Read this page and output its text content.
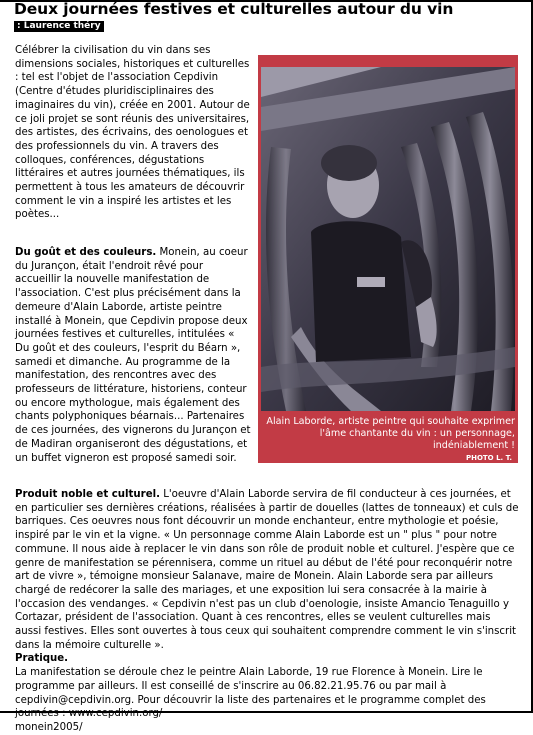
Deux journées festives et culturelles autour du vin
: Laurence théry
Célébrer la civilisation du vin dans ses dimensions sociales, historiques et culturelles : tel est l'objet de l'association Cepdivin (Centre d'études pluridisciplinaires des imaginaires du vin), créée en 2001. Autour de ce joli projet se sont réunis des universitaires, des artistes, des écrivains, des oenologues et des professionnels du vin. A travers des colloques, conférences, dégustations littéraires et autres journées thématiques, ils permettent à tous les amateurs de découvrir comment le vin a inspiré les artistes et les poètes...
Du goût et des couleurs. Monein, au coeur du Jurançon, était l'endroit rêvé pour accueillir la nouvelle manifestation de l'association. C'est plus précisément dans la demeure d'Alain Laborde, artiste peintre installé à Monein, que Cepdivin propose deux journées festives et culturelles, intitulées « Du goût et des couleurs, l'esprit du Béarn », samedi et dimanche. Au programme de la manifestation, des rencontres avec des professeurs de littérature, historiens, conteur ou encore mythologue, mais également des chants polyphoniques béarnais... Partenaires de ces journées, des vignerons du Jurançon et de Madiran organiseront des dégustations, et un buffet vigneron est proposé samedi soir.
Alain Laborde, artiste peintre qui souhaite exprimer l'âme chantante du vin : un personnage, indéniablement !
PHOTO L. T.
Produit noble et culturel. L'oeuvre d'Alain Laborde servira de fil conducteur à ces journées, et en particulier ses dernières créations, réalisées à partir de douelles (lattes de tonneaux) et culs de barriques. Ces oeuvres nous font découvrir un monde enchanteur, entre mythologie et poésie, inspiré par le vin et la vigne. « Un personnage comme Alain Laborde est un " plus " pour notre commune. Il nous aide à replacer le vin dans son rôle de produit noble et culturel. J'espère que ce genre de manifestation se pérennisera, comme un rituel au début de l'été pour reconquérir notre art de vivre », témoigne monsieur Salanave, maire de Monein. Alain Laborde sera par ailleurs chargé de redécorer la salle des mariages, et une exposition lui sera consacrée à la mairie à l'occasion des vendanges. « Cepdivin n'est pas un club d'oenologie, insiste Amancio Tenaguillo y Cortazar, président de l'association. Quant à ces rencontres, elles se veulent culturelles mais aussi festives. Elles sont ouvertes à tous ceux qui souhaitent comprendre comment le vin s'inscrit dans la mémoire culturelle ».
Pratique.
La manifestation se déroule chez le peintre Alain Laborde, 19 rue Florence à Monein. Lire le programme par ailleurs. Il est conseillé de s'inscrire au 06.82.21.95.76 ou par mail à cepdivin@cepdivin.org. Pour découvrir la liste des partenaires et le programme complet des journées : www.cepdivin.org/
monein2005/
